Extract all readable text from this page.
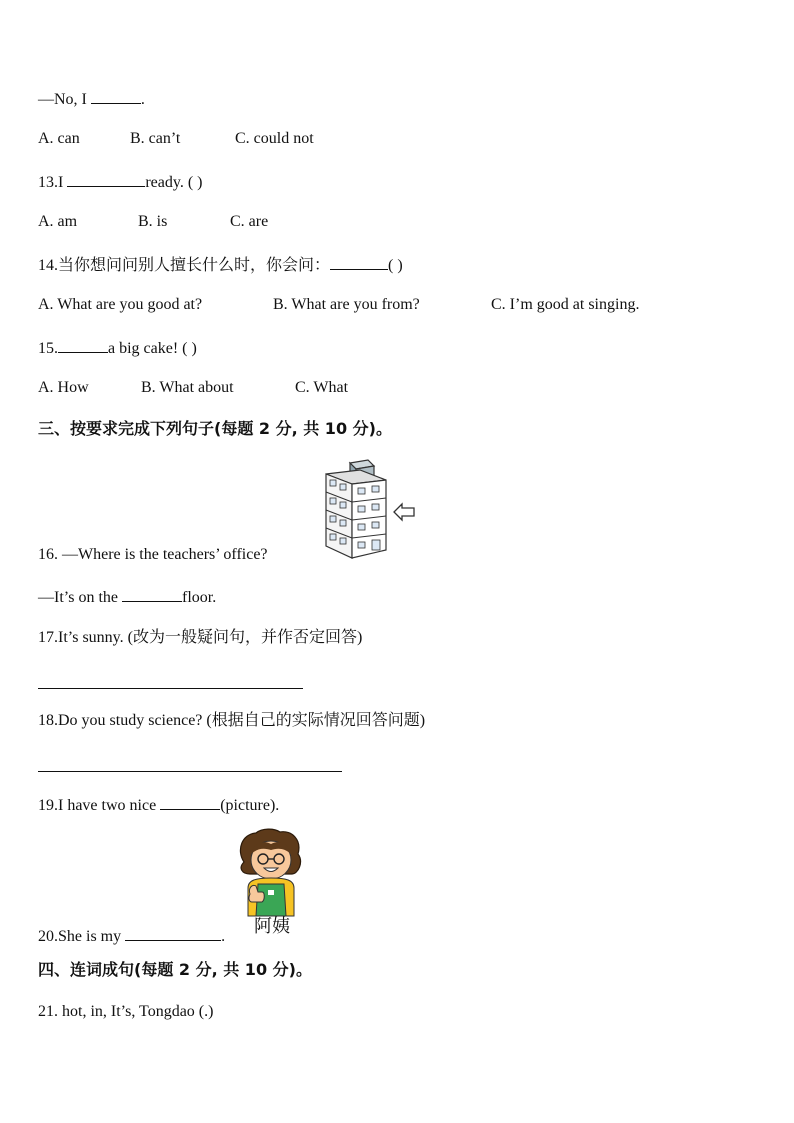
—No, I	.
A. can	B. can’t	C. could not
13.I	ready. ( )
A. am	B. is	C. are
14.当你想问问别人擅长什么时，你会问：	( )
A. What are you good at?	B. What are you from?	C. I’m good at singing.
15.	a big cake! ( )
A. How	B. What about	C. What
三、按要求完成下列句子(每题 2 分, 共 10 分)。
16. —Where is the teachers’ office?
—It’s on the	floor.
17.It’s sunny. (改为一般疑问句，并作否定回答)
18.Do you study science? (根据自己的实际情况回答问题)
19.I have two nice	(picture).
阿姨
20.She is my	.
四、连词成句(每题 2 分, 共 10 分)。
21. hot, in, It’s, Tongdao (.)
